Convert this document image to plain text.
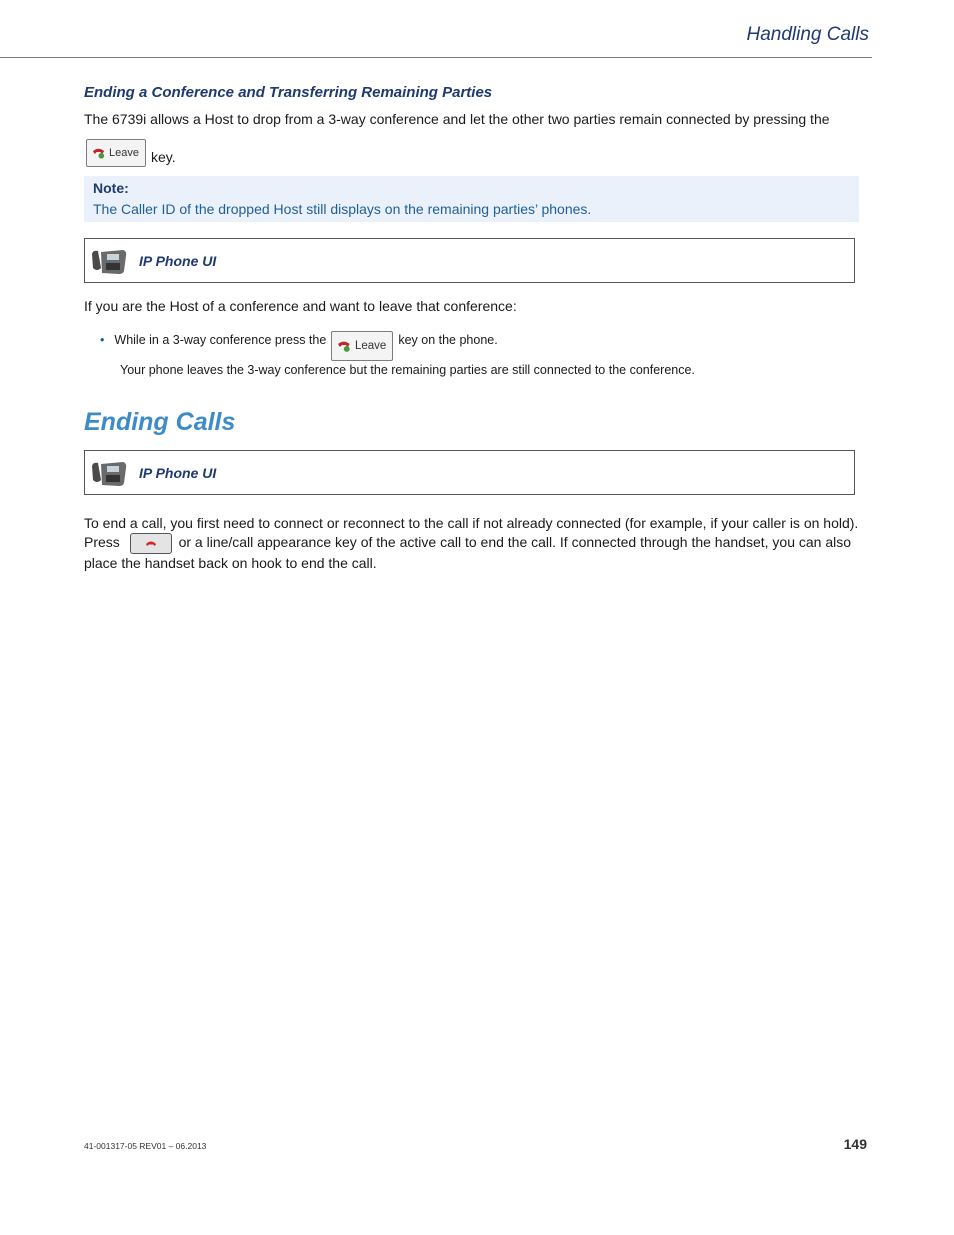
Handling Calls
Ending a Conference and Transferring Remaining Parties
The 6739i allows a Host to drop from a 3-way conference and let the other two parties remain connected by pressing the
Leave key.
Note:
The Caller ID of the dropped Host still displays on the remaining parties’ phones.
IP Phone UI
If you are the Host of a conference and want to leave that conference:
• While in a 3-way conference press the Leave key on the phone.
Your phone leaves the 3-way conference but the remaining parties are still connected to the conference.
Ending Calls
IP Phone UI
To end a call, you first need to connect or reconnect to the call if not already connected (for example, if your caller is on hold).
Press	or a line/call appearance key of the active call to end the call. If connected through the handset, you can also
place the handset back on hook to end the call.
41-001317-05 REV01 – 06.2013	149
